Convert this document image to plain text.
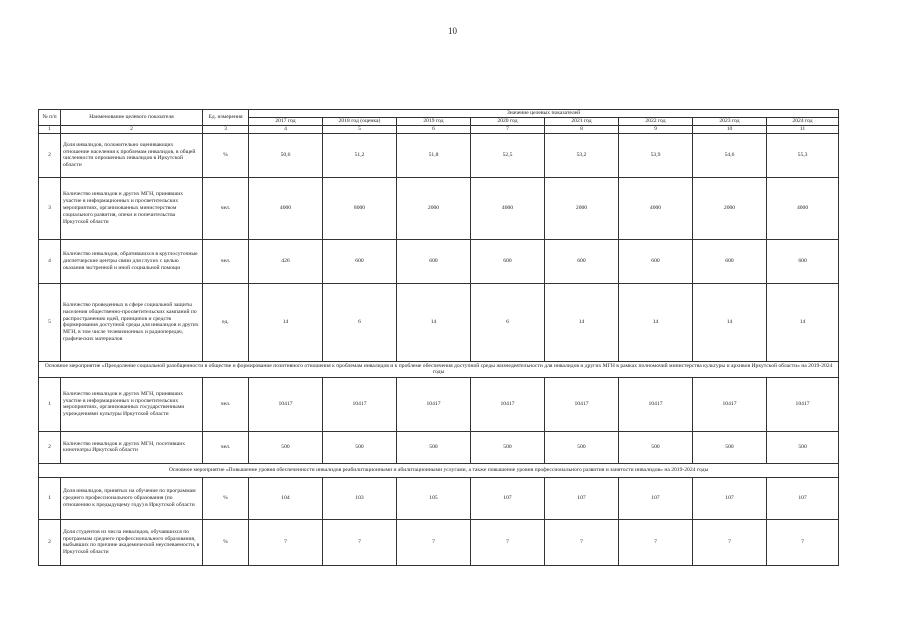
10
№ п/п	Наименование целевого показателя	Ед. измерения	Значение целевых показателей							
			2017 год	2018 год (оценка)	2019 год	2020 год	2021 год	2022 год	2023 год	2024 год
1	2	3	4	5	6	7	8	9	10	11
2	Доля инвалидов, положительно оценивающих отношение населения к проблемам инвалидов, в общей численности опрошенных инвалидов в Иркутской области	%	50,6	51,2	51,8	52,5	53,2	53,9	54,6	55,3
3	Количество инвалидов и других МГН, принявших участие в информационных и просветительских мероприятиях, организованных министерством социального развития, опеки и попечительства Иркутской области	чел.	4000	8000	2000	4000	2000	4000	2000	4000
4	Количество инвалидов, обратившихся в круглосуточные диспетчерские центры связи для глухих с целью оказания экстренной и иной социальной помощи	чел.	426	600	600	600	600	600	600	600
5	Количество проведенных в сфере социальной защиты населения общественно-просветительских кампаний по распространению идей, принципов и средств формирования доступной среды для инвалидов и других МГН, в том числе телевизионных и радиопередач, графических материалов	ед.	14	6	14	6	14	14	14	14
Основное мероприятие «Преодоление социальной разобщенности в обществе и формирование позитивного отношения к проблемам инвалидов и к проблеме обеспечения доступной среды жизнедеятельности для инвалидов и других МГН в рамках полномочий министерства культуры и архивов Иркутской области» на 2019-2024 годы										
1	Количество инвалидов и других МГН, принявших участие в информационных и просветительских мероприятиях, организованных государственными учреждениями культуры Иркутской области	чел.	10417	10417	10417	10417	10417	10417	10417	10417
2	Количество инвалидов и других МГН, посетивших кинотеатры Иркутской области	чел.	500	500	500	500	500	500	500	500
Основное мероприятие «Повышение уровня обеспеченности инвалидов реабилитационными и абилитационными услугами, а также повышение уровня профессионального развития и занятости инвалидов» на 2019-2024 годы										
1	Доля инвалидов, принятых на обучение по программам среднего профессионального образования (по отношению к предыдущему году) в Иркутской области	%	104	103	105	107	107	107	107	107
2	Доля студентов из числа инвалидов, обучавшихся по программам среднего профессионального образования, выбывших по причине академической неуспеваемости, в Иркутской области	%	7	7	7	7	7	7	7	7
